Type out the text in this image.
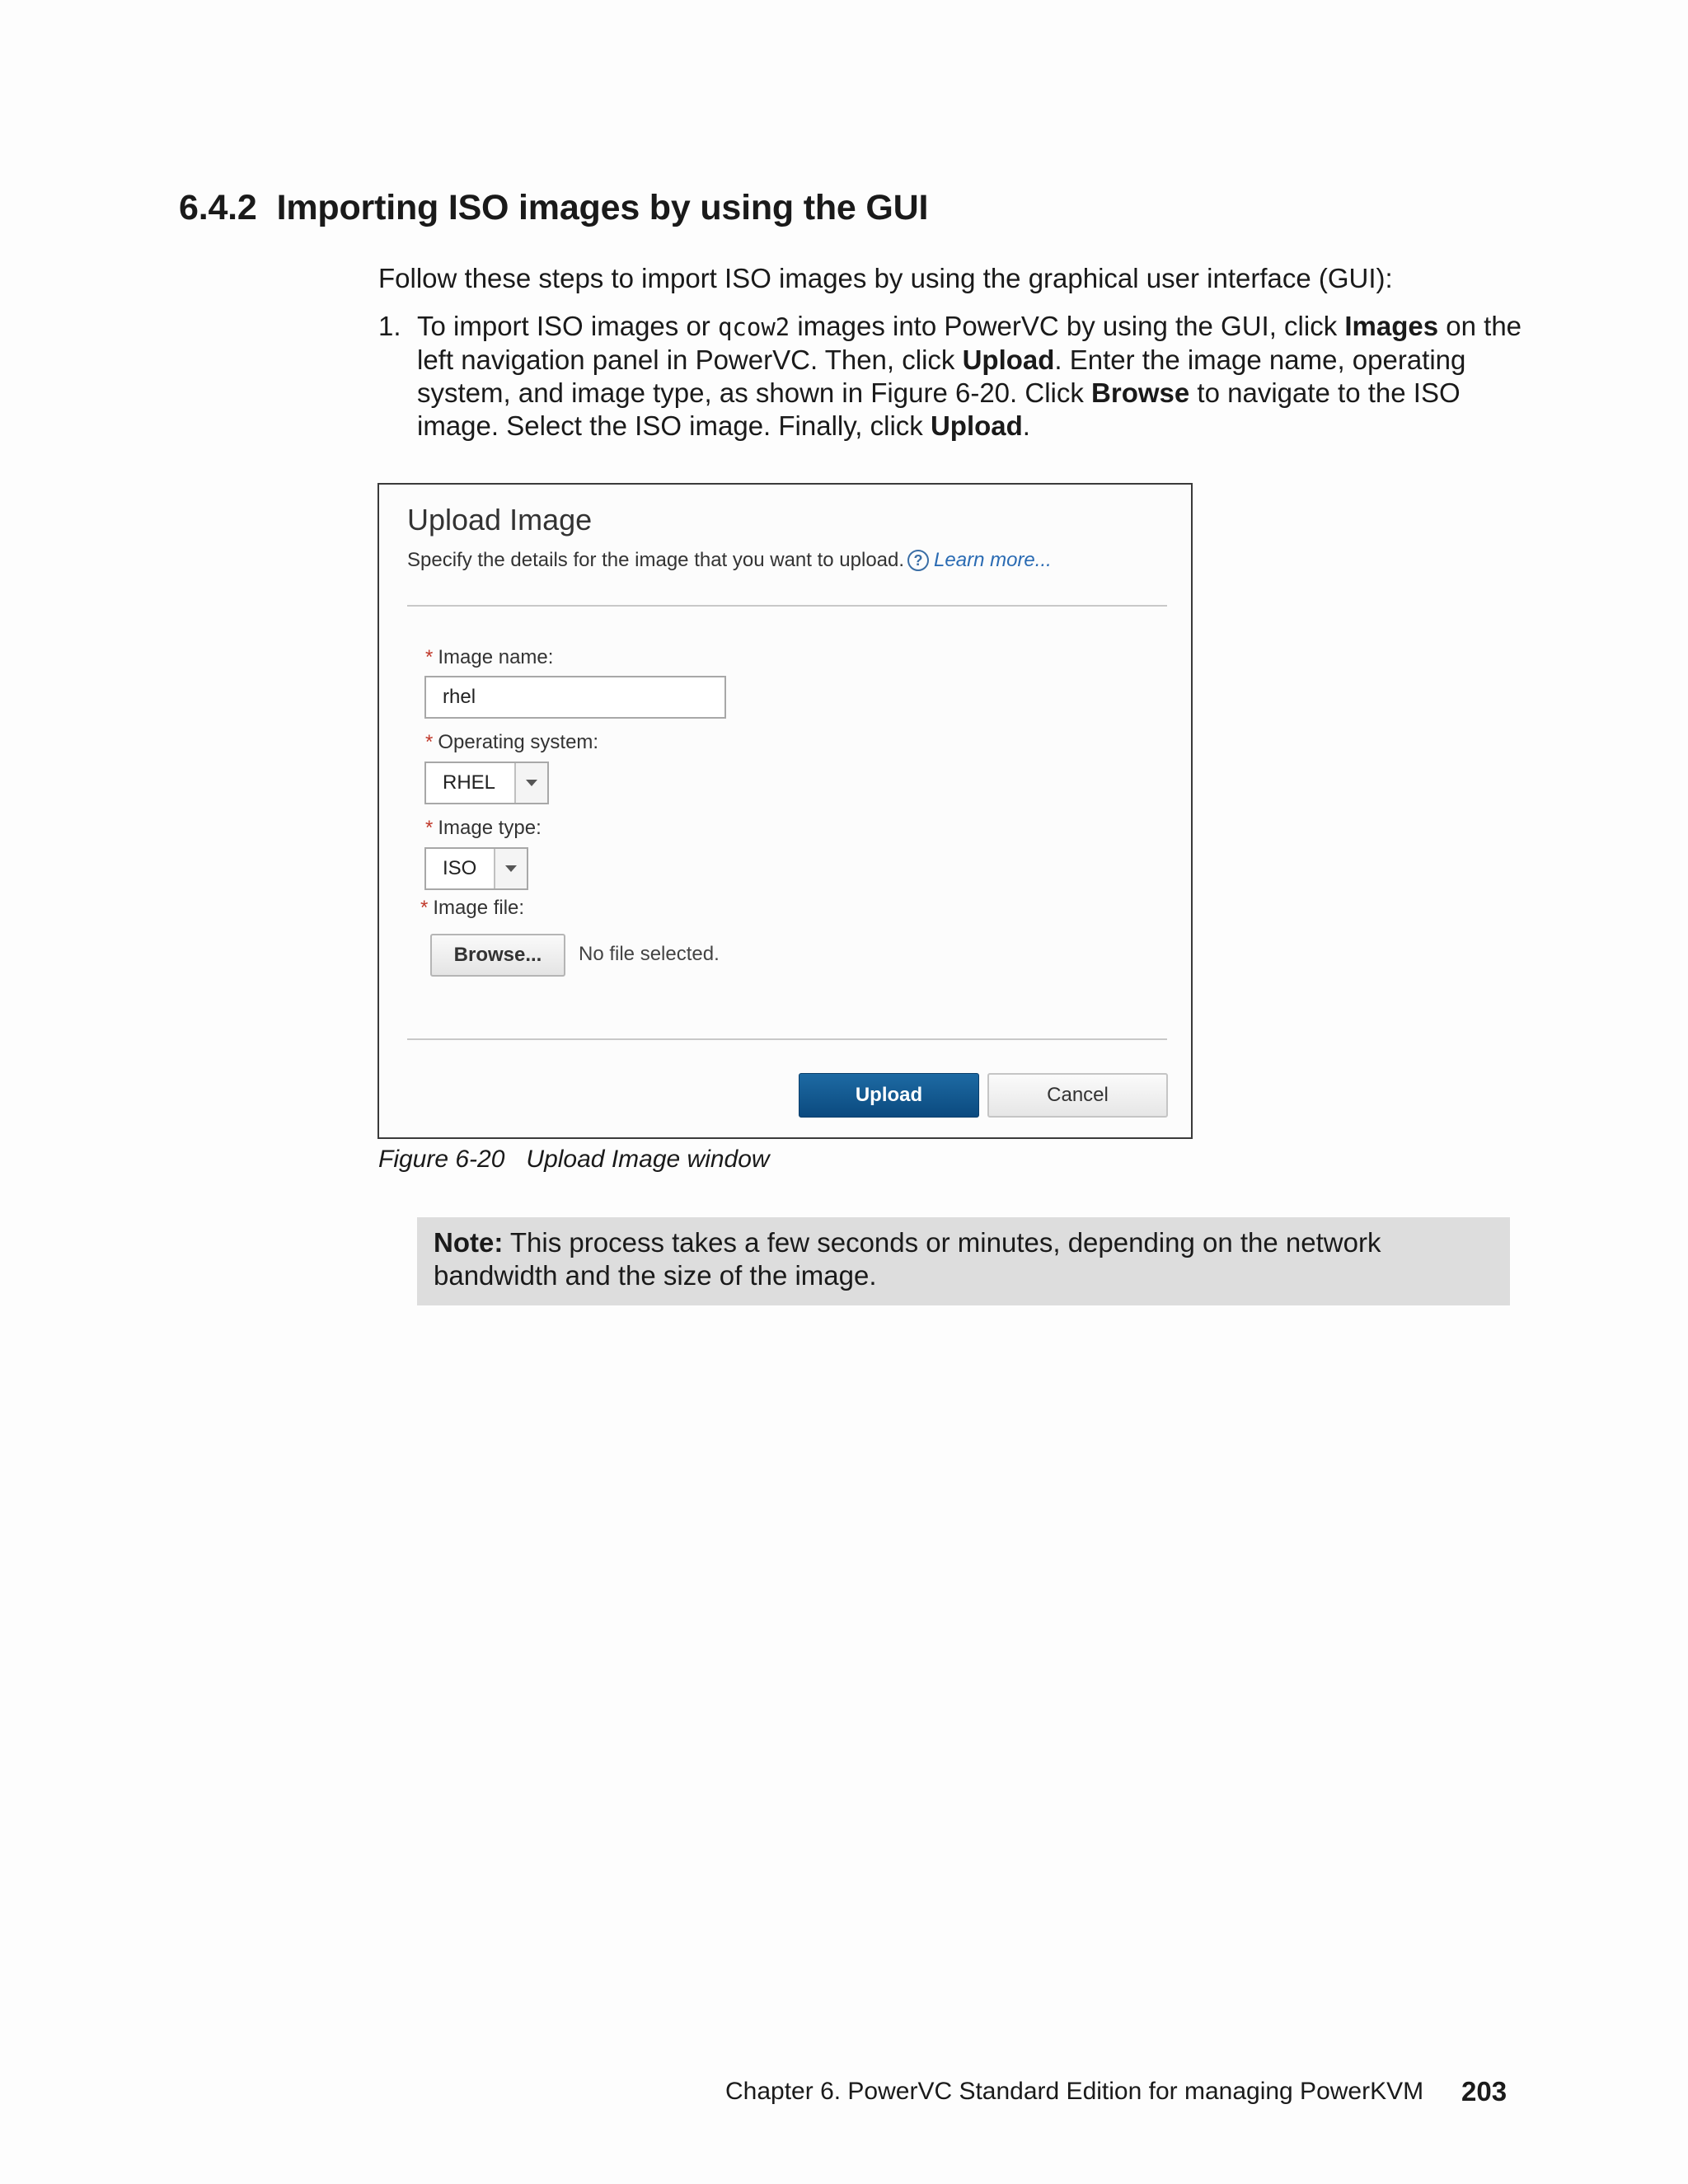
6.4.2 Importing ISO images by using the GUI
Follow these steps to import ISO images by using the graphical user interface (GUI):
1. To import ISO images or qcow2 images into PowerVC by using the GUI, click Images on the left navigation panel in PowerVC. Then, click Upload. Enter the image name, operating system, and image type, as shown in Figure 6-20. Click Browse to navigate to the ISO image. Select the ISO image. Finally, click Upload.
Upload Image
Specify the details for the image that you want to upload. ? Learn more...
* Image name:
rhel
* Operating system:
RHEL
* Image type:
ISO
* Image file:
Browse...	No file selected.
Upload	Cancel
Figure 6-20 Upload Image window
Note: This process takes a few seconds or minutes, depending on the network bandwidth and the size of the image.
Chapter 6. PowerVC Standard Edition for managing PowerKVM 203
